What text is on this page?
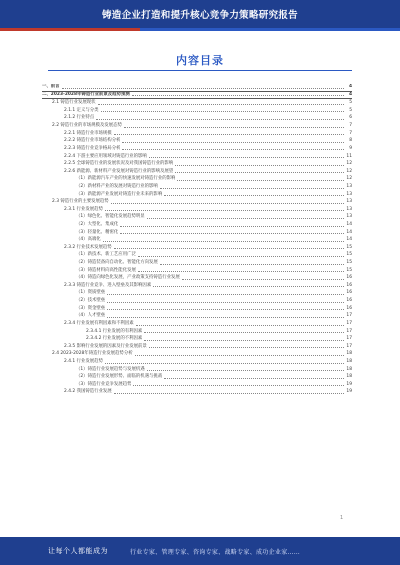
铸造企业打造和提升核心竞争力策略研究报告
内容目录
一、前言	4
二、2023-2028年铸造行业前景及趋势预测	4
2.1 铸造行业发展现状	5
2.1.1 定义与分类	5
2.1.2 行业特点	6
2.2 铸造行业的市场规模及发展态势	7
2.2.1 铸造行业市场规模	7
2.2.2 铸造行业市场结构分析	8
2.2.3 铸造行业竞争格局分析	9
2.2.4 下游主要应用领域对铸造行业的影响	11
2.2.5 全球铸造行业的发展状况及对我国铸造行业的影响	12
2.2.6 新能源、新材料产业发展对铸造行业的影响及展望	12
（1）新能源汽车产业的快速发展对铸造行业的影响	12
（2）新材料产业的发展对铸造行业的影响	13
（3）新能源产业发展对铸造行业未来的影响	13
2.3 铸造行业的主要发展趋势	13
2.3.1 行业发展趋势	13
（1）绿色化、智能化发展趋势明显	13
（2）大型化、集成化	14
（3）轻量化、精密化	14
（4）高端化	14
2.3.2 行业技术发展趋势	15
（1）新技术、新工艺应用广泛	15
（2）铸造装备向自动化、智能化方向发展	15
（3）铸造材料向高性能化发展	15
（4）铸造向绿色化发展，产业政策支持铸造行业发展	16
2.3.3 铸造行业竞争、进入壁垒及其影响因素	16
（1）资质壁垒	16
（2）技术壁垒	16
（3）资金壁垒	16
（4）人才壁垒	17
2.3.4 行业发展有利因素和不利因素	17
2.3.4.1 行业发展的有利因素	17
2.3.4.2 行业发展的不利因素	17
2.3.5 影响行业发展的因素及行业发展前景	17
2.4 2023-2028年铸造行业发展趋势分析	18
2.4.1 行业发展趋势	18
（1）铸造行业发展趋势与发展机遇	18
（2）铸造行业发展形势、面临的机遇与挑战	18
（3）铸造行业竞争发展趋势	19
2.4.2 我国铸造行业发展	19
1
让每个人都能成为	行业专家、管理专家、咨询专家、战略专家、成功企业家……
